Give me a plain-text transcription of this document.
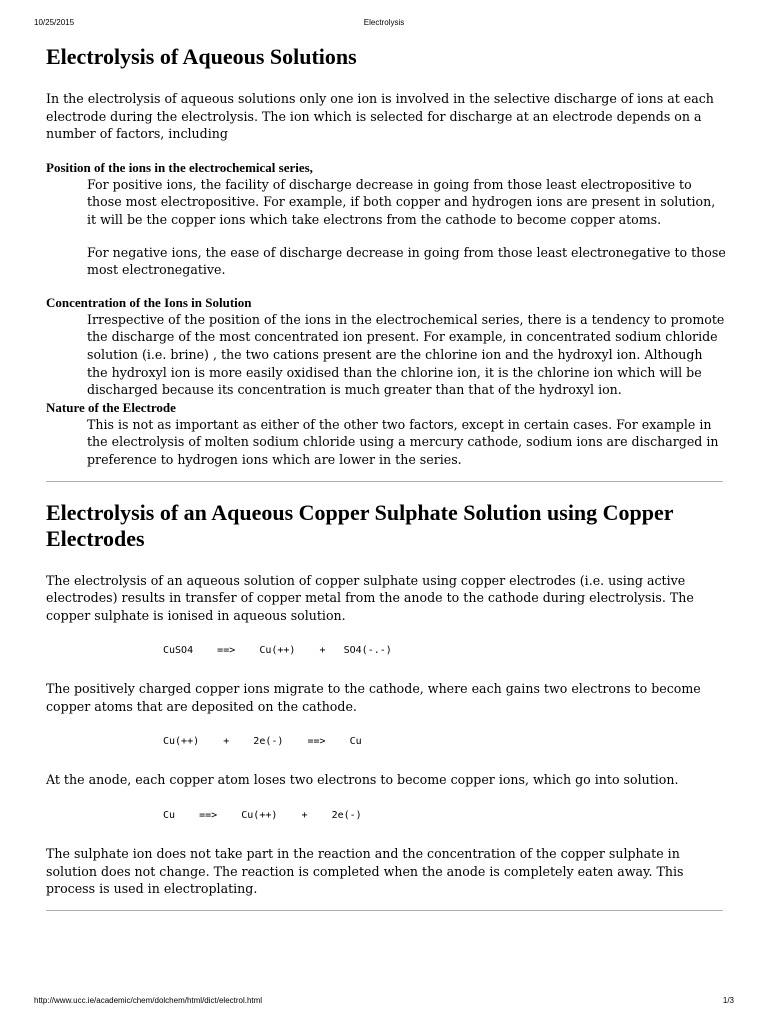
10/25/2015	Electrolysis
Electrolysis of Aqueous Solutions

In the electrolysis of aqueous solutions only one ion is involved in the selective discharge of ions at each electrode during the electrolysis. The ion which is selected for discharge at an electrode depends on a number of factors, including

Position of the ions in the electrochemical series,

For positive ions, the facility of discharge decrease in going from those least electropositive to those most electropositive. For example, if both copper and hydrogen ions are present in solution, it will be the copper ions which take electrons from the cathode to become copper atoms.

For negative ions, the ease of discharge decrease in going from those least electronegative to those most electronegative.

Concentration of the Ions in Solution

Irrespective of the position of the ions in the electrochemical series, there is a tendency to promote the discharge of the most concentrated ion present. For example, in concentrated sodium chloride solution (i.e. brine) , the two cations present are the chlorine ion and the hydroxyl ion. Although the hydroxyl ion is more easily oxidised than the chlorine ion, it is the chlorine ion which will be discharged because its concentration is much greater than that of the hydroxyl ion.

Nature of the Electrode

This is not as important as either of the other two factors, except in certain cases. For example in the electrolysis of molten sodium chloride using a mercury cathode, sodium ions are discharged in preference to hydrogen ions which are lower in the series.

Electrolysis of an Aqueous Copper Sulphate Solution using Copper Electrodes

The electrolysis of an aqueous solution of copper sulphate using copper electrodes (i.e. using active electrodes) results in transfer of copper metal from the anode to the cathode during electrolysis. The copper sulphate is ionised in aqueous solution.

CuSO4    ==>    Cu(++)    +   SO4(-.-)

The positively charged copper ions migrate to the cathode, where each gains two electrons to become copper atoms that are deposited on the cathode.

Cu(++)    +    2e(-)    ==>    Cu

At the anode, each copper atom loses two electrons to become copper ions, which go into solution.

Cu    ==>    Cu(++)    +    2e(-)

The sulphate ion does not take part in the reaction and the concentration of the copper sulphate in solution does not change. The reaction is completed when the anode is completely eaten away. This process is used in electroplating.

http://www.ucc.ie/academic/chem/dolchem/html/dict/electrol.html	1/3
